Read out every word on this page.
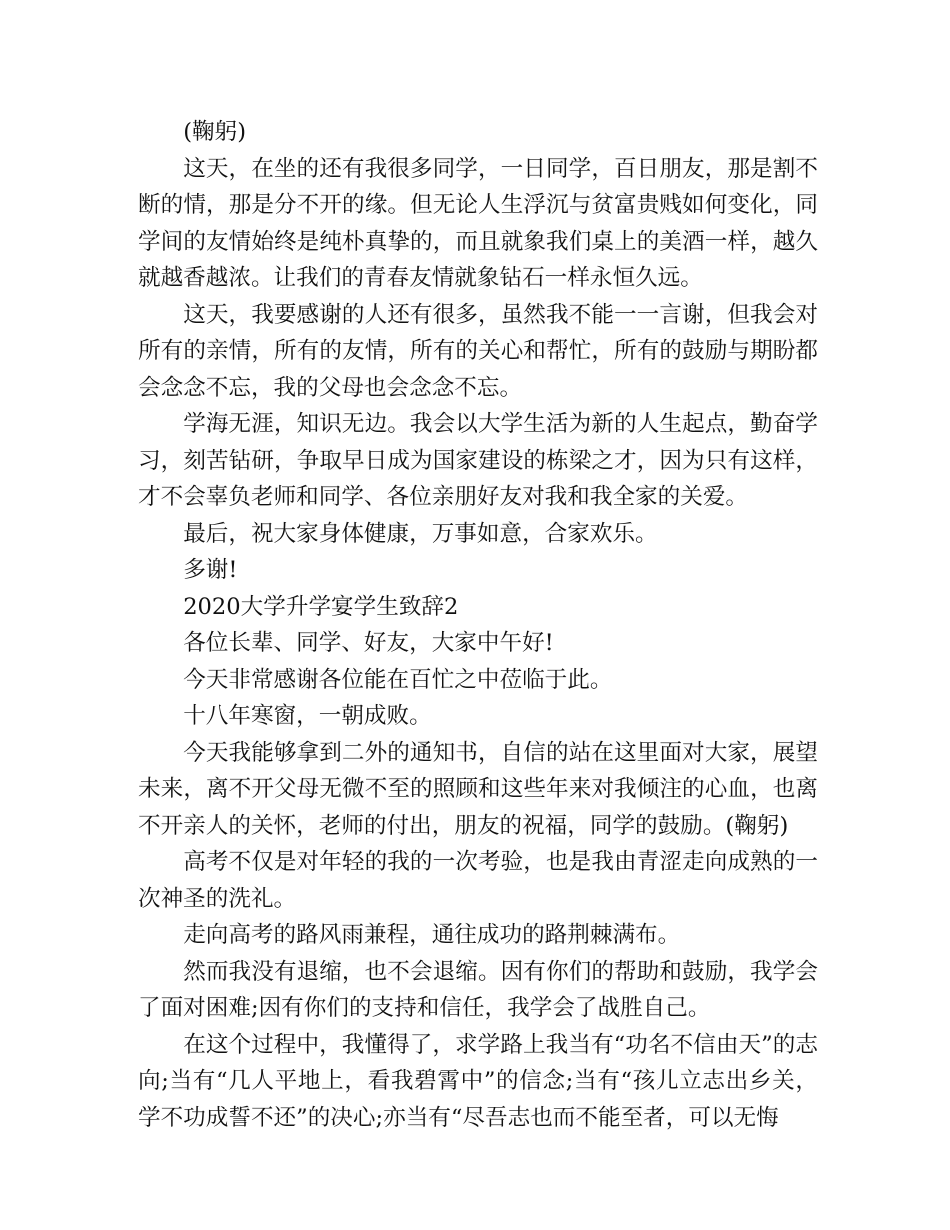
(鞠躬)

这天，在坐的还有我很多同学，一日同学，百日朋友，那是割不断的情，那是分不开的缘。但无论人生浮沉与贫富贵贱如何变化，同学间的友情始终是纯朴真挚的，而且就象我们桌上的美酒一样，越久就越香越浓。让我们的青春友情就象钻石一样永恒久远。

这天，我要感谢的人还有很多，虽然我不能一一言谢，但我会对所有的亲情，所有的友情，所有的关心和帮忙，所有的鼓励与期盼都会念念不忘，我的父母也会念念不忘。

学海无涯，知识无边。我会以大学生活为新的人生起点，勤奋学习，刻苦钻研，争取早日成为国家建设的栋梁之才，因为只有这样，才不会辜负老师和同学、各位亲朋好友对我和我全家的关爱。

最后，祝大家身体健康，万事如意，合家欢乐。

多谢!

2020大学升学宴学生致辞2

各位长辈、同学、好友，大家中午好!

今天非常感谢各位能在百忙之中莅临于此。

十八年寒窗，一朝成败。

今天我能够拿到二外的通知书，自信的站在这里面对大家，展望未来，离不开父母无微不至的照顾和这些年来对我倾注的心血，也离不开亲人的关怀，老师的付出，朋友的祝福，同学的鼓励。(鞠躬)

高考不仅是对年轻的我的一次考验，也是我由青涩走向成熟的一次神圣的洗礼。

走向高考的路风雨兼程，通往成功的路荆棘满布。

然而我没有退缩，也不会退缩。因有你们的帮助和鼓励，我学会了面对困难;因有你们的支持和信任，我学会了战胜自己。

在这个过程中，我懂得了，求学路上我当有“功名不信由天”的志向;当有“几人平地上，看我碧霄中”的信念;当有“孩儿立志出乡关，学不功成誓不还”的决心;亦当有“尽吾志也而不能至者，可以无悔
